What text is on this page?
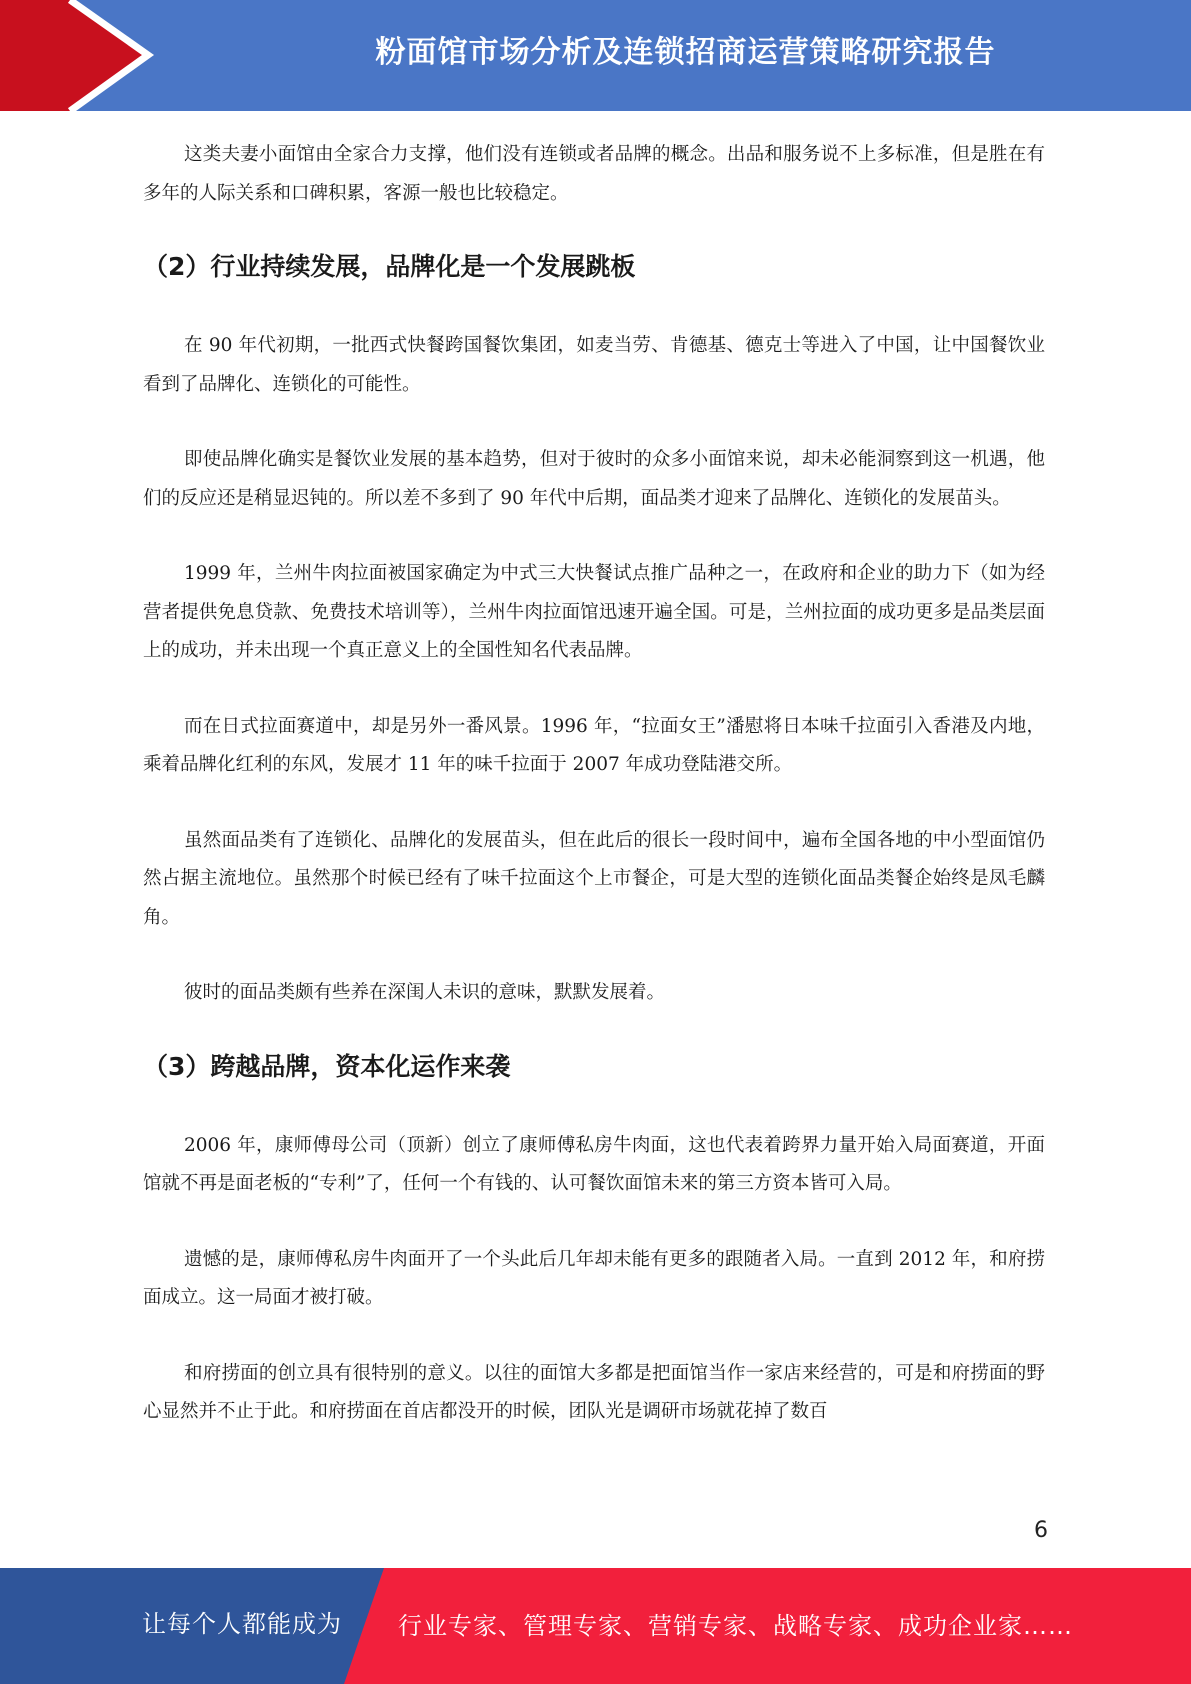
粉面馆市场分析及连锁招商运营策略研究报告

这类夫妻小面馆由全家合力支撑，他们没有连锁或者品牌的概念。出品和服务说不上多标准，但是胜在有多年的人际关系和口碑积累，客源一般也比较稳定。

（2）行业持续发展，品牌化是一个发展跳板

在 90 年代初期，一批西式快餐跨国餐饮集团，如麦当劳、肯德基、德克士等进入了中国，让中国餐饮业看到了品牌化、连锁化的可能性。

即使品牌化确实是餐饮业发展的基本趋势，但对于彼时的众多小面馆来说，却未必能洞察到这一机遇，他们的反应还是稍显迟钝的。所以差不多到了 90 年代中后期，面品类才迎来了品牌化、连锁化的发展苗头。

1999 年，兰州牛肉拉面被国家确定为中式三大快餐试点推广品种之一，在政府和企业的助力下（如为经营者提供免息贷款、免费技术培训等），兰州牛肉拉面馆迅速开遍全国。可是，兰州拉面的成功更多是品类层面上的成功，并未出现一个真正意义上的全国性知名代表品牌。

而在日式拉面赛道中，却是另外一番风景。1996 年，“拉面女王”潘慰将日本味千拉面引入香港及内地，乘着品牌化红利的东风，发展才 11 年的味千拉面于 2007 年成功登陆港交所。

虽然面品类有了连锁化、品牌化的发展苗头，但在此后的很长一段时间中，遍布全国各地的中小型面馆仍然占据主流地位。虽然那个时候已经有了味千拉面这个上市餐企，可是大型的连锁化面品类餐企始终是凤毛麟角。

彼时的面品类颇有些养在深闺人未识的意味，默默发展着。

（3）跨越品牌，资本化运作来袭

2006 年，康师傅母公司（顶新）创立了康师傅私房牛肉面，这也代表着跨界力量开始入局面赛道，开面馆就不再是面老板的“专利”了，任何一个有钱的、认可餐饮面馆未来的第三方资本皆可入局。

遗憾的是，康师傅私房牛肉面开了一个头此后几年却未能有更多的跟随者入局。一直到 2012 年，和府捞面成立。这一局面才被打破。

和府捞面的创立具有很特别的意义。以往的面馆大多都是把面馆当作一家店来经营的，可是和府捞面的野心显然并不止于此。和府捞面在首店都没开的时候，团队光是调研市场就花掉了数百

6
让每个人都能成为 行业专家、管理专家、营销专家、战略专家、成功企业家……
